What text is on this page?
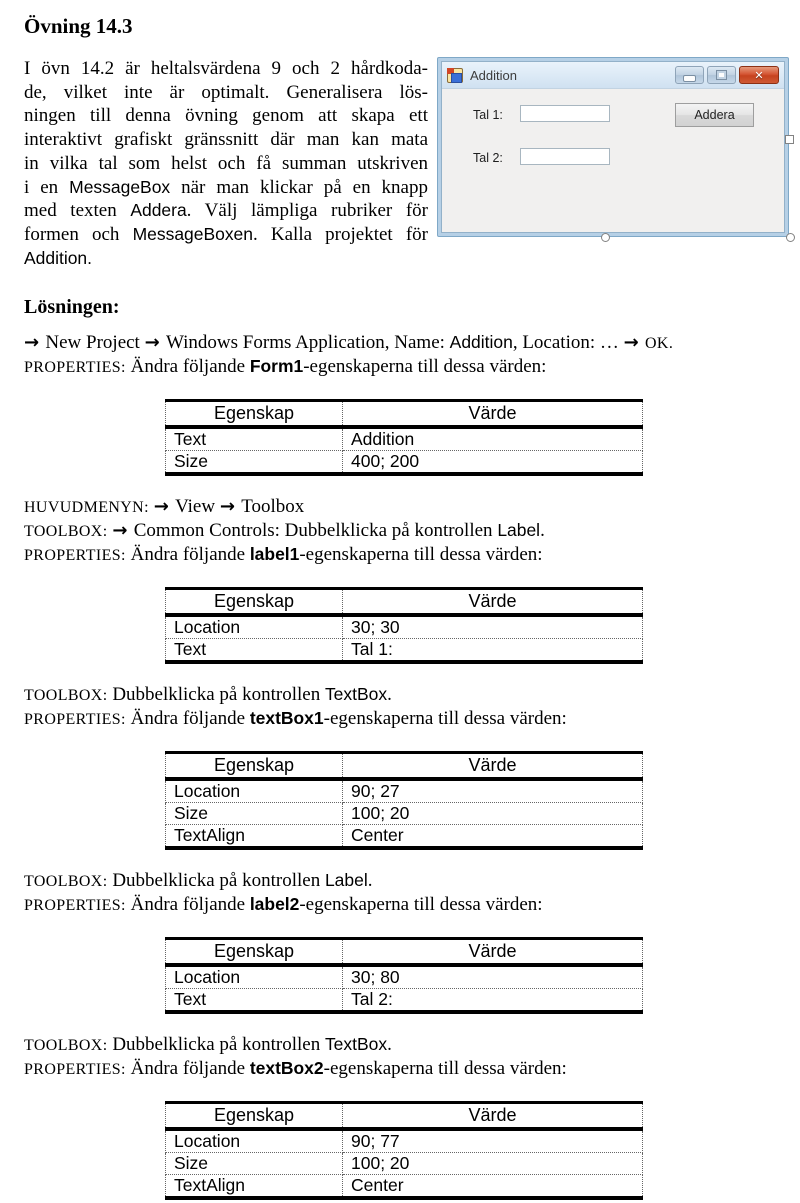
Övning 14.3
I övn 14.2 är heltalsvärdena 9 och 2 hårdkoda-
de, vilket inte är optimalt. Generalisera lös-
ningen till denna övning genom att skapa ett
interaktivt grafiskt gränssnitt där man kan mata
in vilka tal som helst och få summan utskriven
i en MessageBox när man klickar på en knapp
med texten Addera. Välj lämpliga rubriker för
formen och MessageBoxen. Kalla projektet för
Addition.
Addition
✕
Tal 1:	Addera
Tal 2:
Lösningen:
→ New Project → Windows Forms Application, Name: Addition, Location: … → OK.
PROPERTIES: Ändra följande Form1-egenskaperna till dessa värden:
Egenskap	Värde
Text	Addition
Size	400; 200
HUVUDMENYN: → View → Toolbox
TOOLBOX: → Common Controls: Dubbelklicka på kontrollen Label.
PROPERTIES: Ändra följande label1-egenskaperna till dessa värden:
Egenskap	Värde
Location	30; 30
Text	Tal 1:
TOOLBOX: Dubbelklicka på kontrollen TextBox.
PROPERTIES: Ändra följande textBox1-egenskaperna till dessa värden:
Egenskap	Värde
Location	90; 27
Size	100; 20
TextAlign	Center
TOOLBOX: Dubbelklicka på kontrollen Label.
PROPERTIES: Ändra följande label2-egenskaperna till dessa värden:
Egenskap	Värde
Location	30; 80
Text	Tal 2:
TOOLBOX: Dubbelklicka på kontrollen TextBox.
PROPERTIES: Ändra följande textBox2-egenskaperna till dessa värden:
Egenskap	Värde
Location	90; 77
Size	100; 20
TextAlign	Center
